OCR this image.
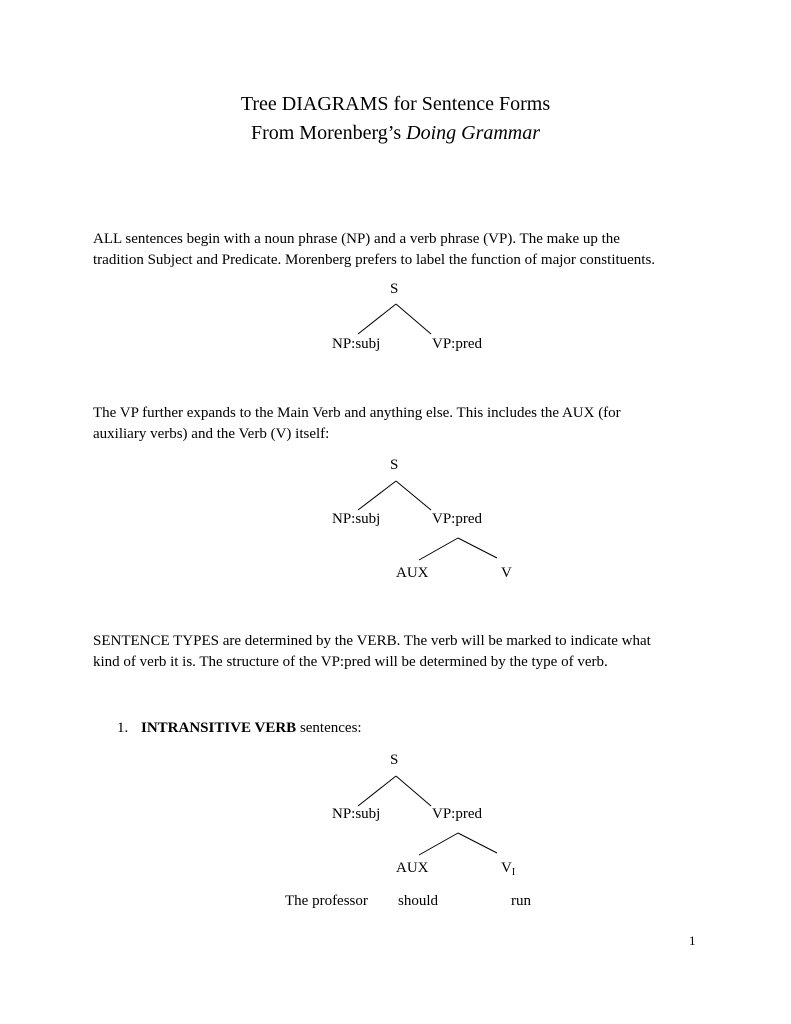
Tree DIAGRAMS for Sentence Forms
From Morenberg’s Doing Grammar
ALL sentences begin with a noun phrase (NP) and a verb phrase (VP). The make up the
tradition Subject and Predicate. Morenberg prefers to label the function of major constituents.
S
NP:subj	VP:pred
The VP further expands to the Main Verb and anything else. This includes the AUX (for
auxiliary verbs) and the Verb (V) itself:
S
NP:subj	VP:pred
AUX	V
SENTENCE TYPES are determined by the VERB. The verb will be marked to indicate what
kind of verb it is. The structure of the VP:pred will be determined by the type of verb.
1. INTRANSITIVE VERB sentences:
S
NP:subj	VP:pred
AUX	$V_I$
The professor should	run
1
